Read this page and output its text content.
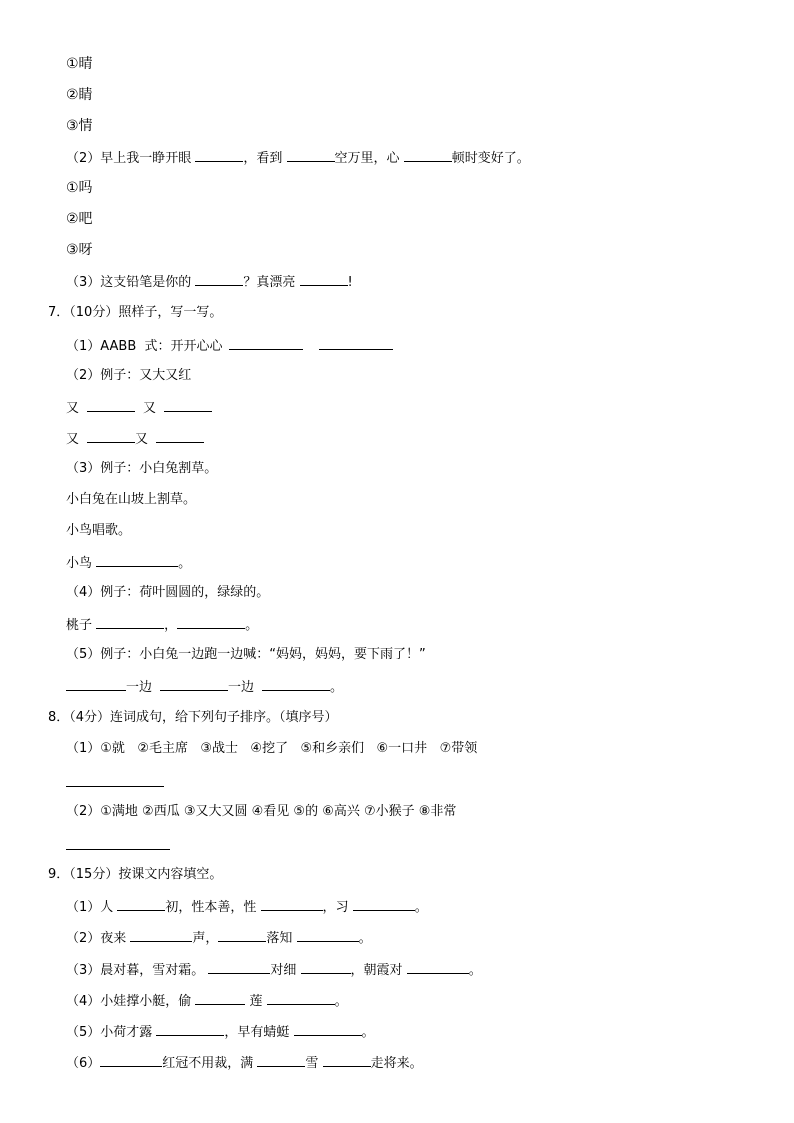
①晴
②睛
③情
（2）早上我一睁开眼	，看到	空万里，心	顿时变好了。
①吗
②吧
③呀
（3）这支铅笔是你的	？真漂亮	!
7．（10分）照样子，写一写。
（1）AABB  式：开开心心
（2）例子：又大又红
又	又
又	又
（3）例子：小白兔割草。
小白兔在山坡上割草。
小鸟唱歌。
小鸟	。
（4）例子：荷叶圆圆的，绿绿的。
桃子	，	。
（5）例子：小白兔一边跑一边喊：“妈妈，妈妈，要下雨了！”
一边	一边	。
8．（4分）连词成句，给下列句子排序。（填序号）
（1）①就   ②毛主席   ③战士   ④挖了   ⑤和乡亲们   ⑥一口井   ⑦带领
（2）①满地 ②西瓜 ③又大又圆 ④看见 ⑤的 ⑥高兴 ⑦小猴子 ⑧非常
9．（15分）按课文内容填空。
（1）人	初，性本善，性	，习	。
（2）夜来	声，	落知	。
（3）晨对暮，雪对霜。	对细	，朝霞对	。
（4）小娃撑小艇，偷	莲	。
（5）小荷才露	，早有蜻蜓	。
（6）	红冠不用裁，满	雪	走将来。
